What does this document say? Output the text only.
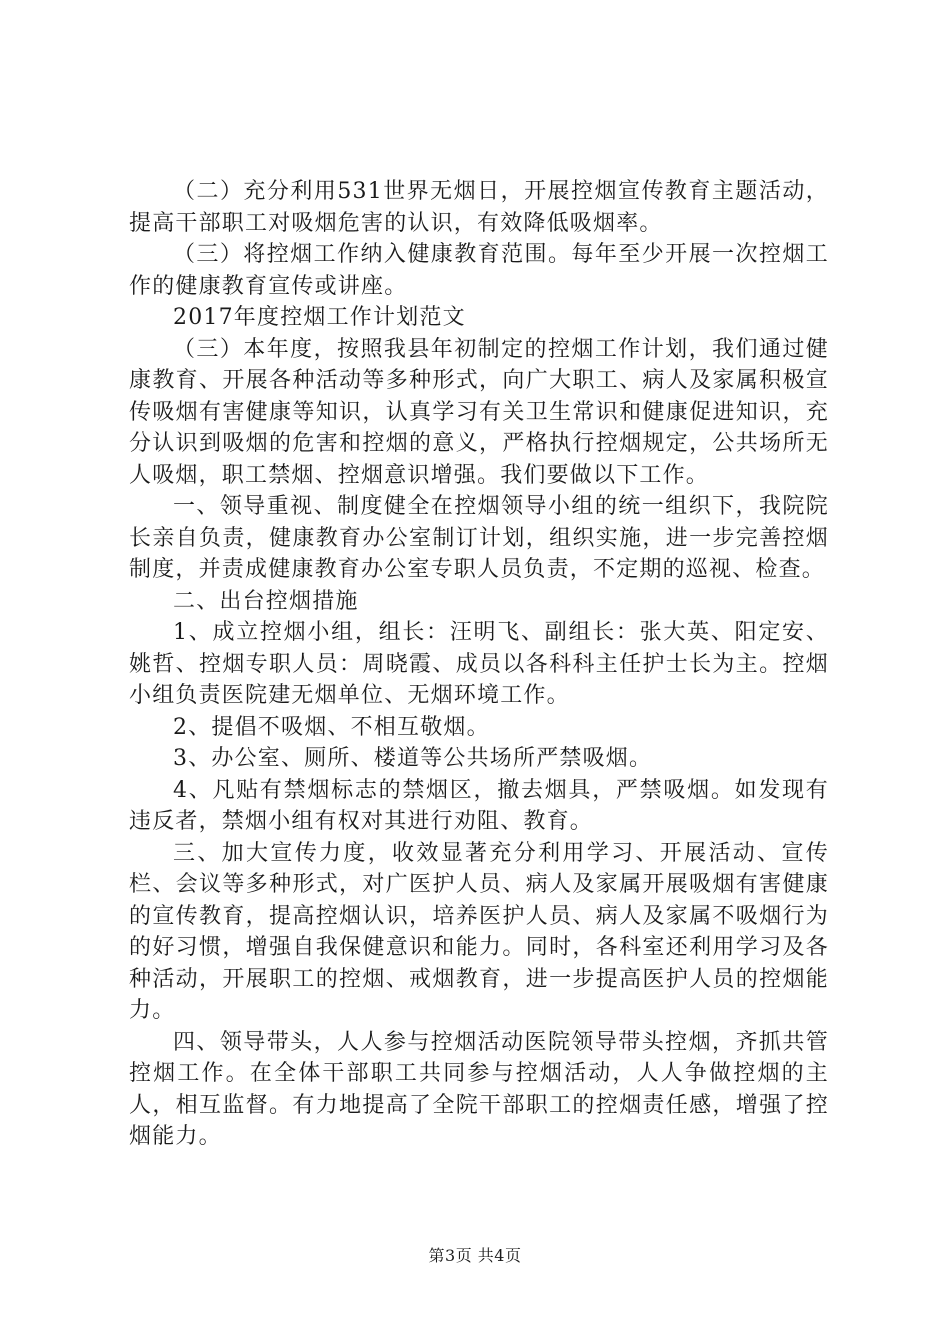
（二）充分利用531世界无烟日，开展控烟宣传教育主题活动，提高干部职工对吸烟危害的认识，有效降低吸烟率。

（三）将控烟工作纳入健康教育范围。每年至少开展一次控烟工作的健康教育宣传或讲座。

2017年度控烟工作计划范文

（三）本年度，按照我县年初制定的控烟工作计划，我们通过健康教育、开展各种活动等多种形式，向广大职工、病人及家属积极宣传吸烟有害健康等知识，认真学习有关卫生常识和健康促进知识，充分认识到吸烟的危害和控烟的意义，严格执行控烟规定，公共场所无人吸烟，职工禁烟、控烟意识增强。我们要做以下工作。

一、领导重视、制度健全在控烟领导小组的统一组织下，我院院长亲自负责，健康教育办公室制订计划，组织实施，进一步完善控烟制度，并责成健康教育办公室专职人员负责，不定期的巡视、检查。

二、出台控烟措施

1、成立控烟小组，组长：汪明飞、副组长：张大英、阳定安、姚哲、控烟专职人员：周晓霞、成员以各科科主任护士长为主。控烟小组负责医院建无烟单位、无烟环境工作。

2、提倡不吸烟、不相互敬烟。

3、办公室、厕所、楼道等公共场所严禁吸烟。

4、凡贴有禁烟标志的禁烟区，撤去烟具，严禁吸烟。如发现有违反者，禁烟小组有权对其进行劝阻、教育。

三、加大宣传力度，收效显著充分利用学习、开展活动、宣传栏、会议等多种形式，对广医护人员、病人及家属开展吸烟有害健康的宣传教育，提高控烟认识，培养医护人员、病人及家属不吸烟行为的好习惯，增强自我保健意识和能力。同时，各科室还利用学习及各种活动，开展职工的控烟、戒烟教育，进一步提高医护人员的控烟能力。

四、领导带头，人人参与控烟活动医院领导带头控烟，齐抓共管控烟工作。在全体干部职工共同参与控烟活动，人人争做控烟的主人，相互监督。有力地提高了全院干部职工的控烟责任感，增强了控烟能力。

第3页 共4页
